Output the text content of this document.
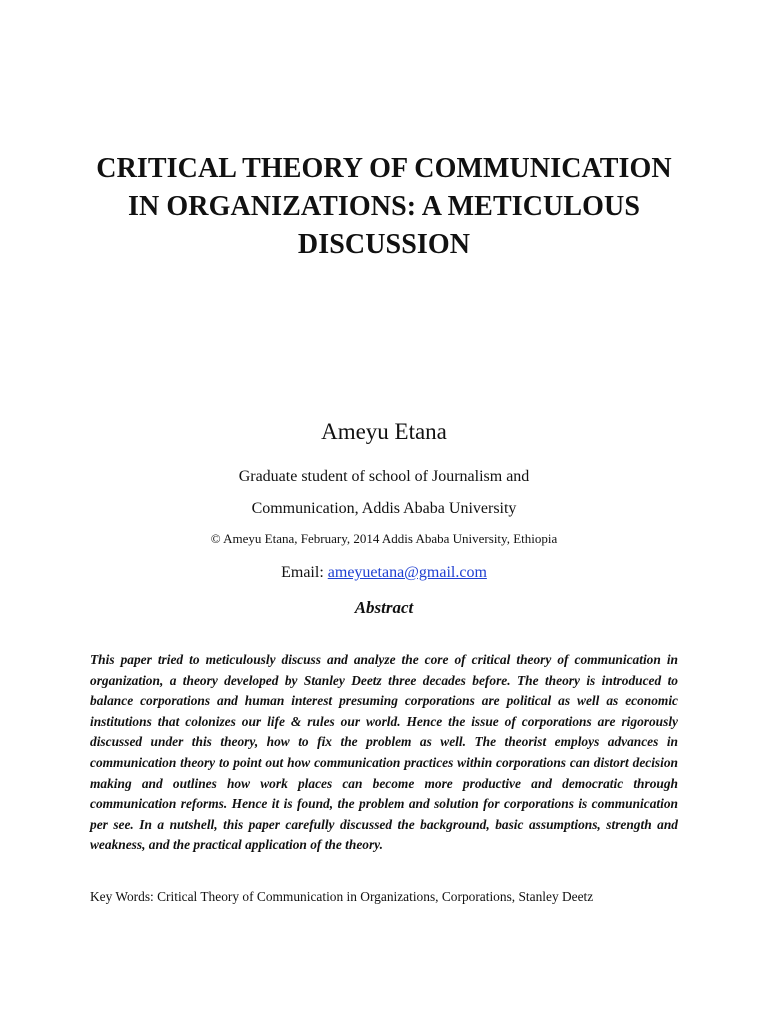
CRITICAL THEORY OF COMMUNICATION
IN ORGANIZATIONS: A METICULOUS
DISCUSSION
Ameyu Etana
Graduate student of school of Journalism and
Communication, Addis Ababa University
© Ameyu Etana, February, 2014 Addis Ababa University, Ethiopia
Email: ameyuetana@gmail.com
Abstract

This paper tried to meticulously discuss and analyze the core of critical theory of communication in organization, a theory developed by Stanley Deetz three decades before. The theory is introduced to balance corporations and human interest presuming corporations are political as well as economic institutions that colonizes our life & rules our world. Hence the issue of corporations are rigorously discussed under this theory, how to fix the problem as well. The theorist employs advances in communication theory to point out how communication practices within corporations can distort decision making and outlines how work places can become more productive and democratic through communication reforms. Hence it is found, the problem and solution for corporations is communication per see. In a nutshell, this paper carefully discussed the background, basic assumptions, strength and weakness, and the practical application of the theory.

Key Words: Critical Theory of Communication in Organizations, Corporations, Stanley Deetz
